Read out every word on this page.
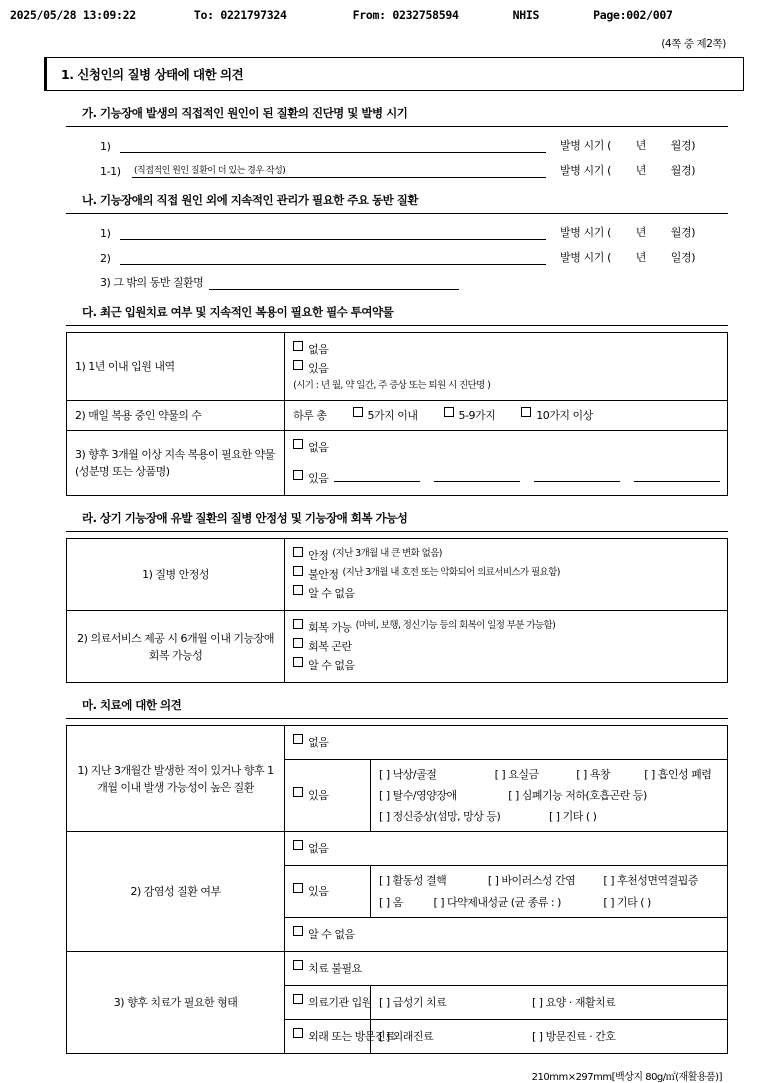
2025/05/28 13:09:22	To: 0221797324	From: 0232758594	NHIS	Page:002/007
(4쪽 중 제2쪽)
1. 신청인의 질병 상태에 대한 의견
가. 기능장애 발생의 직접적인 원인이 된 질환의 진단명 및 발병 시기
1)	발병 시기 (        년        월경)
1-1)	(직접적인 원인 질환이 더 있는 경우 작성)	발병 시기 (        년        월경)
나. 기능장애의 직접 원인 외에 지속적인 관리가 필요한 주요 동반 질환
1)	발병 시기 (        년        월경)
2)	발병 시기 (        년        일경)
3) 그 밖의 동반 질환명
다. 최근 입원치료 여부 및 지속적인 복용이 필요한 필수 투여약물
1) 1년 이내 입원 내역	없음
있음
(시기 : 년 월, 약 일간, 주 증상 또는 퇴원 시 진단명 )

2) 매일 복용 중인 약물의 수	하루 총 5가지 이내 5-9가지 10가지 이상

3) 향후 3개월 이상 지속 복용이 필요한 약물(성분명 또는 상품명)	없음
있음
라. 상기 기능장애 유발 질환의 질병 안정성 및 기능장애 회복 가능성
1) 질병 안정성	안정 (지난 3개월 내 큰 변화 없음)
불안정 (지난 3개월 내 호전 또는 악화되어 의료서비스가 필요함)
알 수 없음

2) 의료서비스 제공 시 6개월 이내 기능장애 회복 가능성	회복 가능 (마비, 보행, 정신기능 등의 회복이 일정 부분 가능함)
회복 곤란
알 수 없음
마. 치료에 대한 의견
1) 지난 3개월간 발생한 적이 있거나 향후 1개월 이내 발생 가능성이 높은 질환	없음	

있음

[ ] 낙상/골절	[ ] 요실금	[ ] 욕창	[ ] 흡인성 폐렴
[ ] 탈수/영양장애	[ ] 심폐기능 저하(호흡곤란 등)
[ ] 정신증상(섬망, 망상 등)	[ ] 기타 ( )

2) 감염성 질환 여부	없음	

있음

[ ] 활동성 결핵	[ ] 바이러스성 간염	[ ] 후천성면역결핍증
[ ] 옴	[ ] 다약제내성균 (균 종류 : )	[ ] 기타 ( )

	알 수 없음	

3) 향후 치료가 필요한 형태	치료 불필요	

	의료기관 입원	[ ] 급성기 치료 [ ] 요양 · 재활치료

	외래 또는 방문진료	[ ] 외래진료 [ ] 방문진료 · 간호
210mm×297mm[백상지 80g/㎡(재활용품)]
